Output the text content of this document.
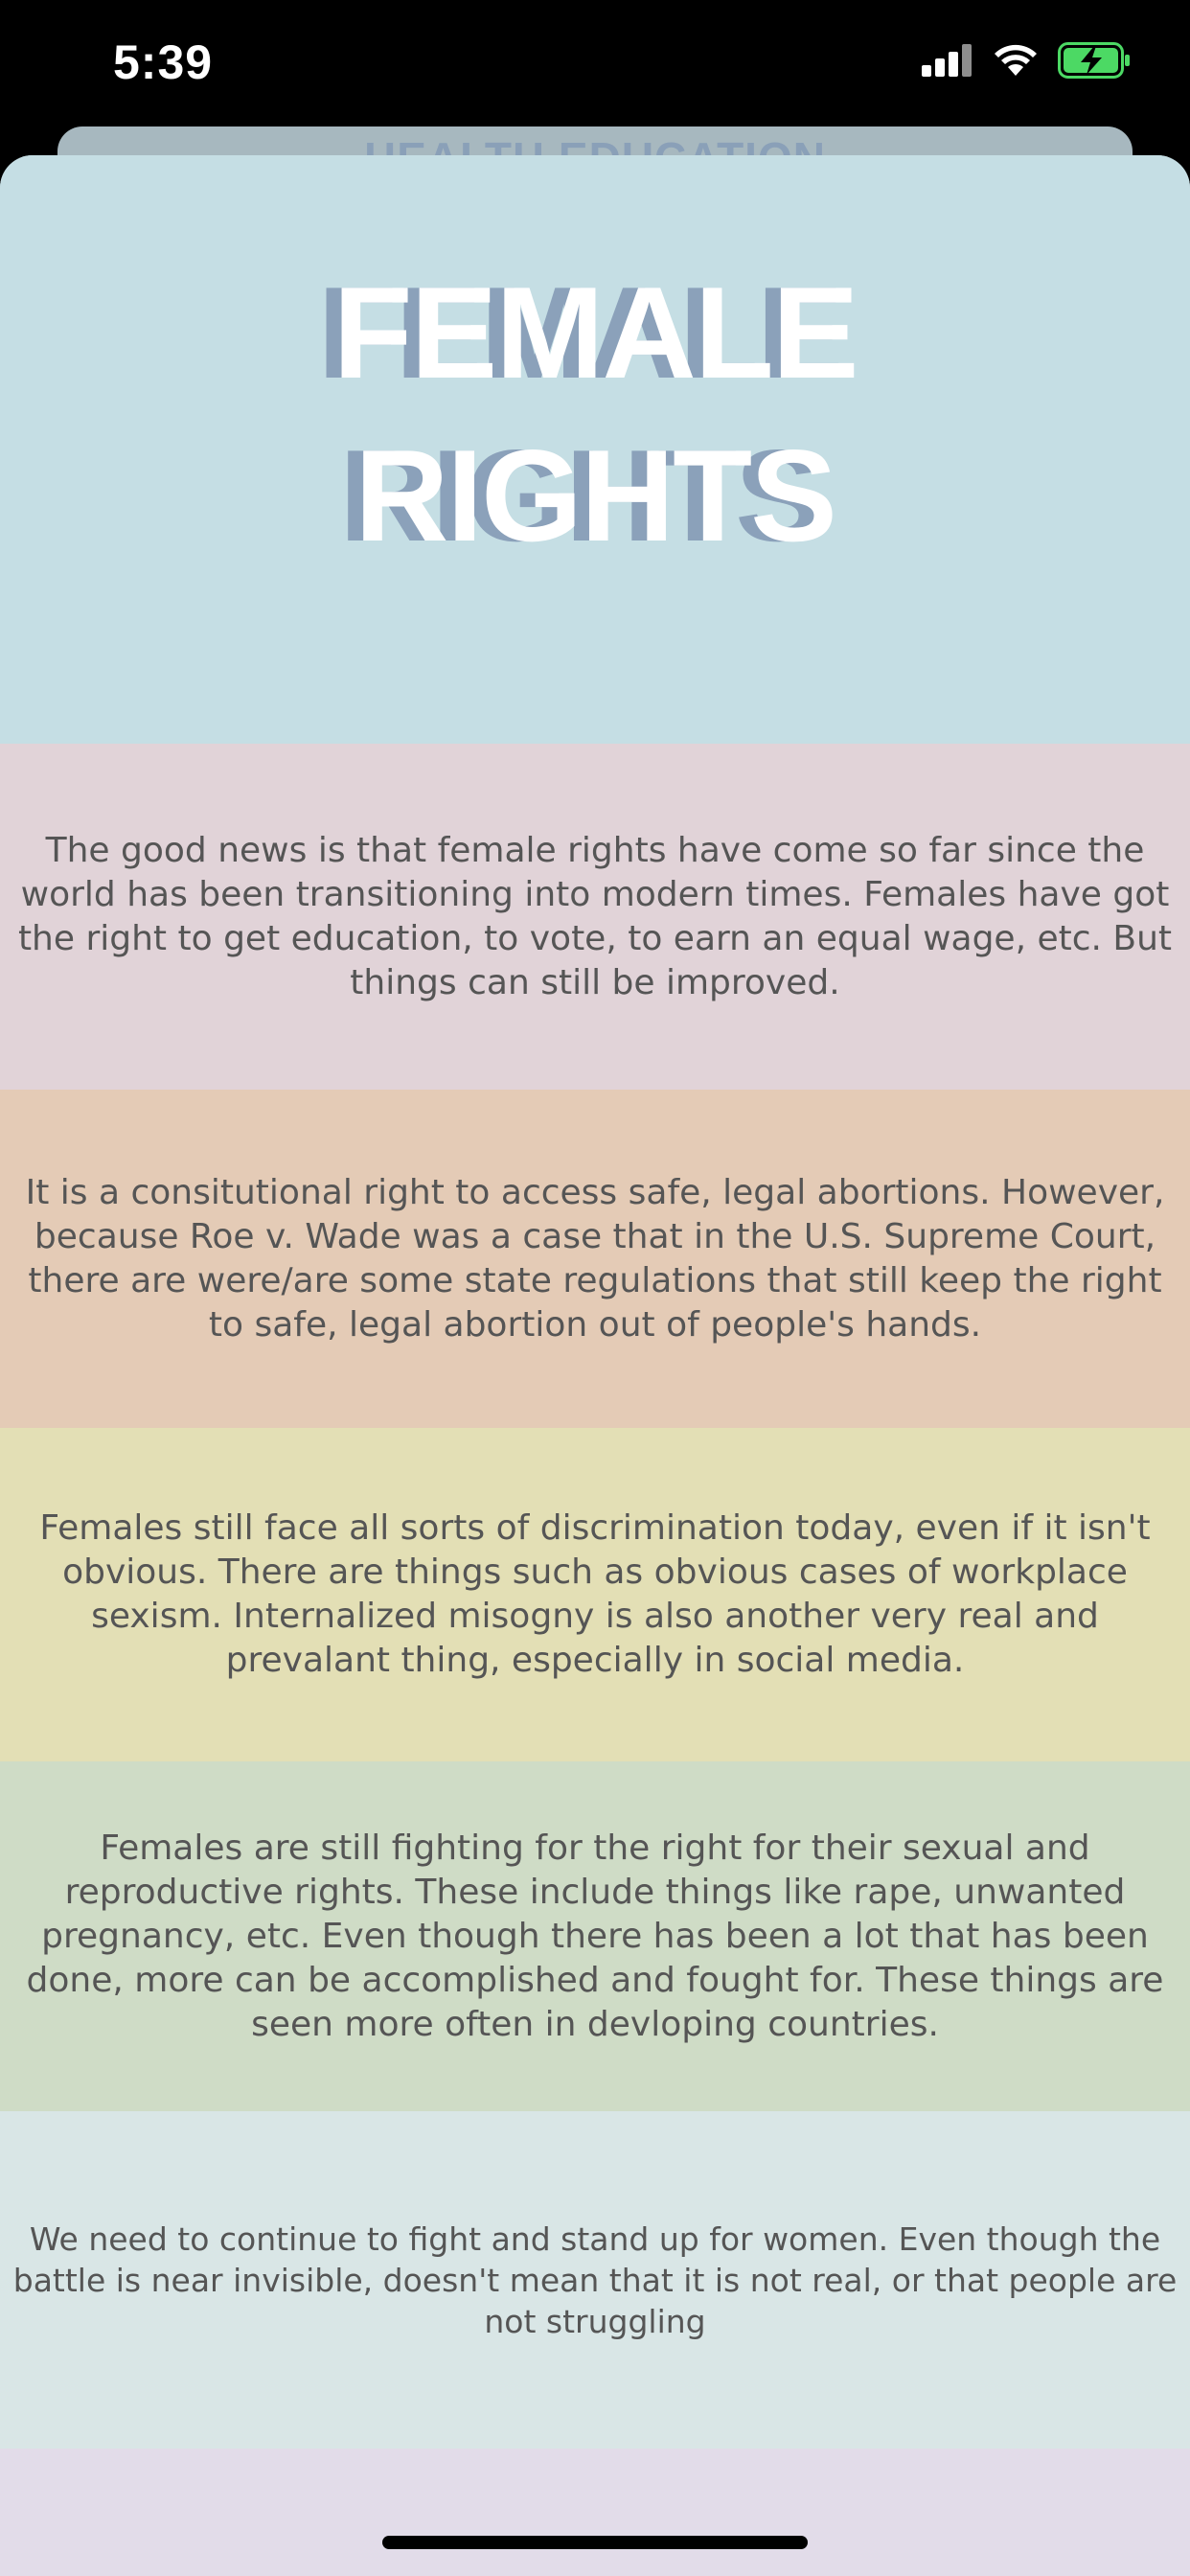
5:39
FEMALE
RIGHTS

The good news is that female rights have come so far since the world has been transitioning into modern times. Females have got the right to get education, to vote, to earn an equal wage, etc. But things can still be improved.

It is a consitutional right to access safe, legal abortions. However, because Roe v. Wade was a case that in the U.S. Supreme Court, there are were/are some state regulations that still keep the right to safe, legal abortion out of people's hands.

Females still face all sorts of discrimination today, even if it isn't obvious. There are things such as obvious cases of workplace sexism. Internalized misogny is also another very real and prevalant thing, especially in social media.

Females are still fighting for the right for their sexual and reproductive rights. These include things like rape, unwanted pregnancy, etc. Even though there has been a lot that has been done, more can be accomplished and fought for. These things are seen more often in devloping countries.

We need to continue to fight and stand up for women. Even though the battle is near invisible, doesn't mean that it is not real, or that people are not struggling
